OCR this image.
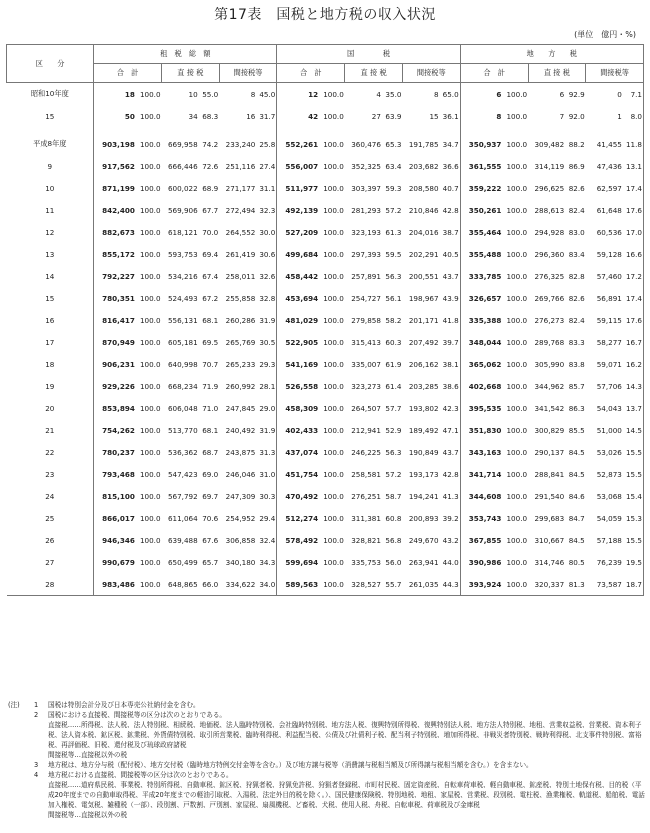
第17表　国税と地方税の収入状況
(単位　億円・%)
区　　分	租　税　総　額						国　　　　税						地　　方　　税					
	合　計		直 接 税		間接税等		合　計		直 接 税		間接税等		合　計		直 接 税		間接税等	
昭和10年度	18	100.0	10	55.0	8	45.0	12	100.0	4	35.0	8	65.0	6	100.0	6	92.9	0	7.1
15	50	100.0	34	68.3	16	31.7	42	100.0	27	63.9	15	36.1	8	100.0	7	92.0	1	8.0

平成8年度	903,198	100.0	669,958	74.2	233,240	25.8	552,261	100.0	360,476	65.3	191,785	34.7	350,937	100.0	309,482	88.2	41,455	11.8
9	917,562	100.0	666,446	72.6	251,116	27.4	556,007	100.0	352,325	63.4	203,682	36.6	361,555	100.0	314,119	86.9	47,436	13.1
10	871,199	100.0	600,022	68.9	271,177	31.1	511,977	100.0	303,397	59.3	208,580	40.7	359,222	100.0	296,625	82.6	62,597	17.4
11	842,400	100.0	569,906	67.7	272,494	32.3	492,139	100.0	281,293	57.2	210,846	42.8	350,261	100.0	288,613	82.4	61,648	17.6
12	882,673	100.0	618,121	70.0	264,552	30.0	527,209	100.0	323,193	61.3	204,016	38.7	355,464	100.0	294,928	83.0	60,536	17.0
13	855,172	100.0	593,753	69.4	261,419	30.6	499,684	100.0	297,393	59.5	202,291	40.5	355,488	100.0	296,360	83.4	59,128	16.6
14	792,227	100.0	534,216	67.4	258,011	32.6	458,442	100.0	257,891	56.3	200,551	43.7	333,785	100.0	276,325	82.8	57,460	17.2
15	780,351	100.0	524,493	67.2	255,858	32.8	453,694	100.0	254,727	56.1	198,967	43.9	326,657	100.0	269,766	82.6	56,891	17.4
16	816,417	100.0	556,131	68.1	260,286	31.9	481,029	100.0	279,858	58.2	201,171	41.8	335,388	100.0	276,273	82.4	59,115	17.6
17	870,949	100.0	605,181	69.5	265,769	30.5	522,905	100.0	315,413	60.3	207,492	39.7	348,044	100.0	289,768	83.3	58,277	16.7
18	906,231	100.0	640,998	70.7	265,233	29.3	541,169	100.0	335,007	61.9	206,162	38.1	365,062	100.0	305,990	83.8	59,071	16.2
19	929,226	100.0	668,234	71.9	260,992	28.1	526,558	100.0	323,273	61.4	203,285	38.6	402,668	100.0	344,962	85.7	57,706	14.3
20	853,894	100.0	606,048	71.0	247,845	29.0	458,309	100.0	264,507	57.7	193,802	42.3	395,535	100.0	341,542	86.3	54,043	13.7
21	754,262	100.0	513,770	68.1	240,492	31.9	402,433	100.0	212,941	52.9	189,492	47.1	351,830	100.0	300,829	85.5	51,000	14.5
22	780,237	100.0	536,362	68.7	243,875	31.3	437,074	100.0	246,225	56.3	190,849	43.7	343,163	100.0	290,137	84.5	53,026	15.5
23	793,468	100.0	547,423	69.0	246,046	31.0	451,754	100.0	258,581	57.2	193,173	42.8	341,714	100.0	288,841	84.5	52,873	15.5
24	815,100	100.0	567,792	69.7	247,309	30.3	470,492	100.0	276,251	58.7	194,241	41.3	344,608	100.0	291,540	84.6	53,068	15.4
25	866,017	100.0	611,064	70.6	254,952	29.4	512,274	100.0	311,381	60.8	200,893	39.2	353,743	100.0	299,683	84.7	54,059	15.3
26	946,346	100.0	639,488	67.6	306,858	32.4	578,492	100.0	328,821	56.8	249,670	43.2	367,855	100.0	310,667	84.5	57,188	15.5
27	990,679	100.0	650,499	65.7	340,180	34.3	599,694	100.0	335,753	56.0	263,941	44.0	390,986	100.0	314,746	80.5	76,239	19.5
28	983,486	100.0	648,865	66.0	334,622	34.0	589,563	100.0	328,527	55.7	261,035	44.3	393,924	100.0	320,337	81.3	73,587	18.7
(注)	1	国税は特別会計分及び日本専売公社納付金を含む。
2	国税における直接税、間接税等の区分は次のとおりである。
直接税……所得税、法人税、法人特別税、相続税、地価税、法人臨時特別税、会社臨時特別税、地方法人税、復興特別所得税、復興特別法人税、地方法人特別税、地租、営業収益税、営業税、資本利子税、法人資本税、鉱区税、鉱業税、外貨債特別税、取引所営業税、臨時利得税、利益配当税、公債及び社債利子税、配当利子特別税、増加所得税、非戦災者特別税、戦時利得税、北支事件特別税、富裕税、再評価税、旧税、還付税及び琉球政府諸税
間接税等…直接税以外の税
3	地方税は、地方分与税（配付税）、地方交付税（臨時地方特例交付金等を含む。）及び地方譲与税等（消費譲与税相当額及び所得譲与税相当額を含む。）を含まない。
4	地方税における直接税、間接税等の区分は次のとおりである。
直接税……道府県民税、事業税、特別所得税、自動車税、鉱区税、狩猟者税、狩猟免許税、狩猟者登録税、市町村民税、固定資産税、自転車荷車税、軽自動車税、鉱産税、特別土地保有税、目的税（平成20年度までの自動車取得税、平成20年度までの軽油引取税、入湯税、法定外目的税を除く。）、国民健康保険税、特別地税、地租、家屋税、営業税、段別税、電柱税、漁業権税、軌道税、船舶税、電話加入権税、電気税、雑種税（一部）、段別割、戸数割、戸別割、家屋税、扇風機税、ど畜税、犬税、使用人税、舟税、自転車税、荷車税及び金庫税
間接税等…直接税以外の税
